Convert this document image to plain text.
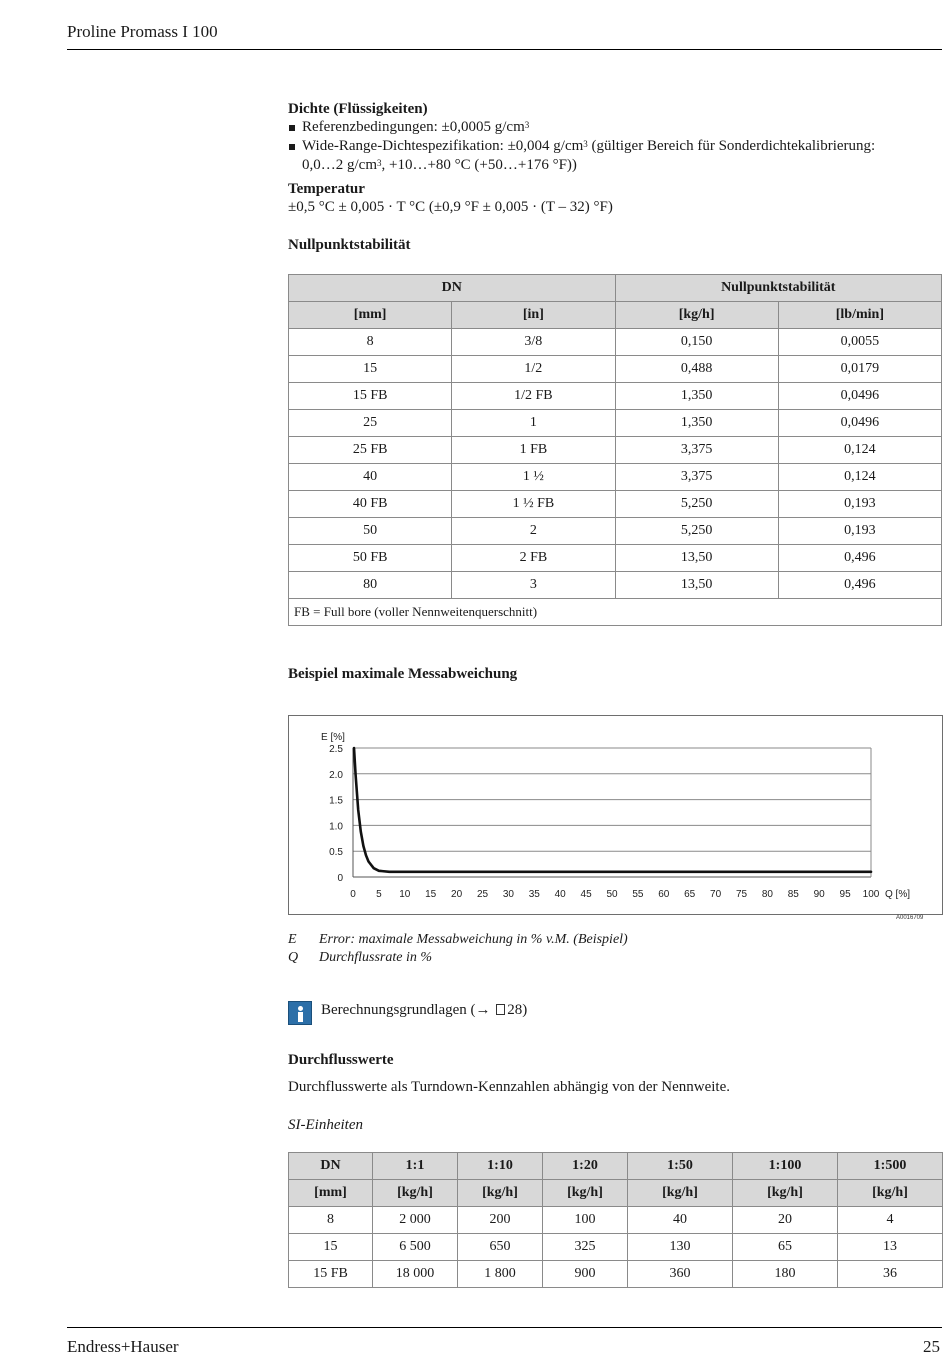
Proline Promass I 100
Dichte (Flüssigkeiten)
Referenzbedingungen: ±0,0005 $g/cm^3$
Wide-Range-Dichtespezifikation: ±0,004 $g/cm^3$ (gültiger Bereich für Sonderdichtekalibrierung:
0,0…2 $g/cm^3$, +10…+80 °C (+50…+176 °F))
Temperatur
±0,5 °C ± 0,005 · T °C (±0,9 °F ± 0,005 · (T – 32) °F)
Nullpunktstabilität
DN		Nullpunktstabilität	
[mm]	[in]	[kg/h]	[lb/min]
8	3/8	0,150	0,0055
15	1/2	0,488	0,0179
15 FB	1/2 FB	1,350	0,0496
25	1	1,350	0,0496
25 FB	1 FB	3,375	0,124
40	1 ½	3,375	0,124
40 FB	1 ½ FB	5,250	0,193
50	2	5,250	0,193
50 FB	2 FB	13,50	0,496
80	3	13,50	0,496
FB = Full bore (voller Nennweitenquerschnitt)			
Beispiel maximale Messabweichung
0
0.5
1.0
1.5
2.0
2.5
0 5 10 15 20 25 30 35 40 45 50 55 60 65 70 75 80 85 90 95 100
E [%]
Q [%]
A0016709
E Error: maximale Messabweichung in % v.M. (Beispiel)
Q Durchflussrate in %
Berechnungsgrundlagen (→ 28)
Durchflusswerte
Durchflusswerte als Turndown-Kennzahlen abhängig von der Nennweite.
SI-Einheiten
DN	1:1	1:10	1:20	1:50	1:100	1:500
[mm]	[kg/h]	[kg/h]	[kg/h]	[kg/h]	[kg/h]	[kg/h]
8	2 000	200	100	40	20	4
15	6 500	650	325	130	65	13
15 FB	18 000	1 800	900	360	180	36
Endress+Hauser	25
